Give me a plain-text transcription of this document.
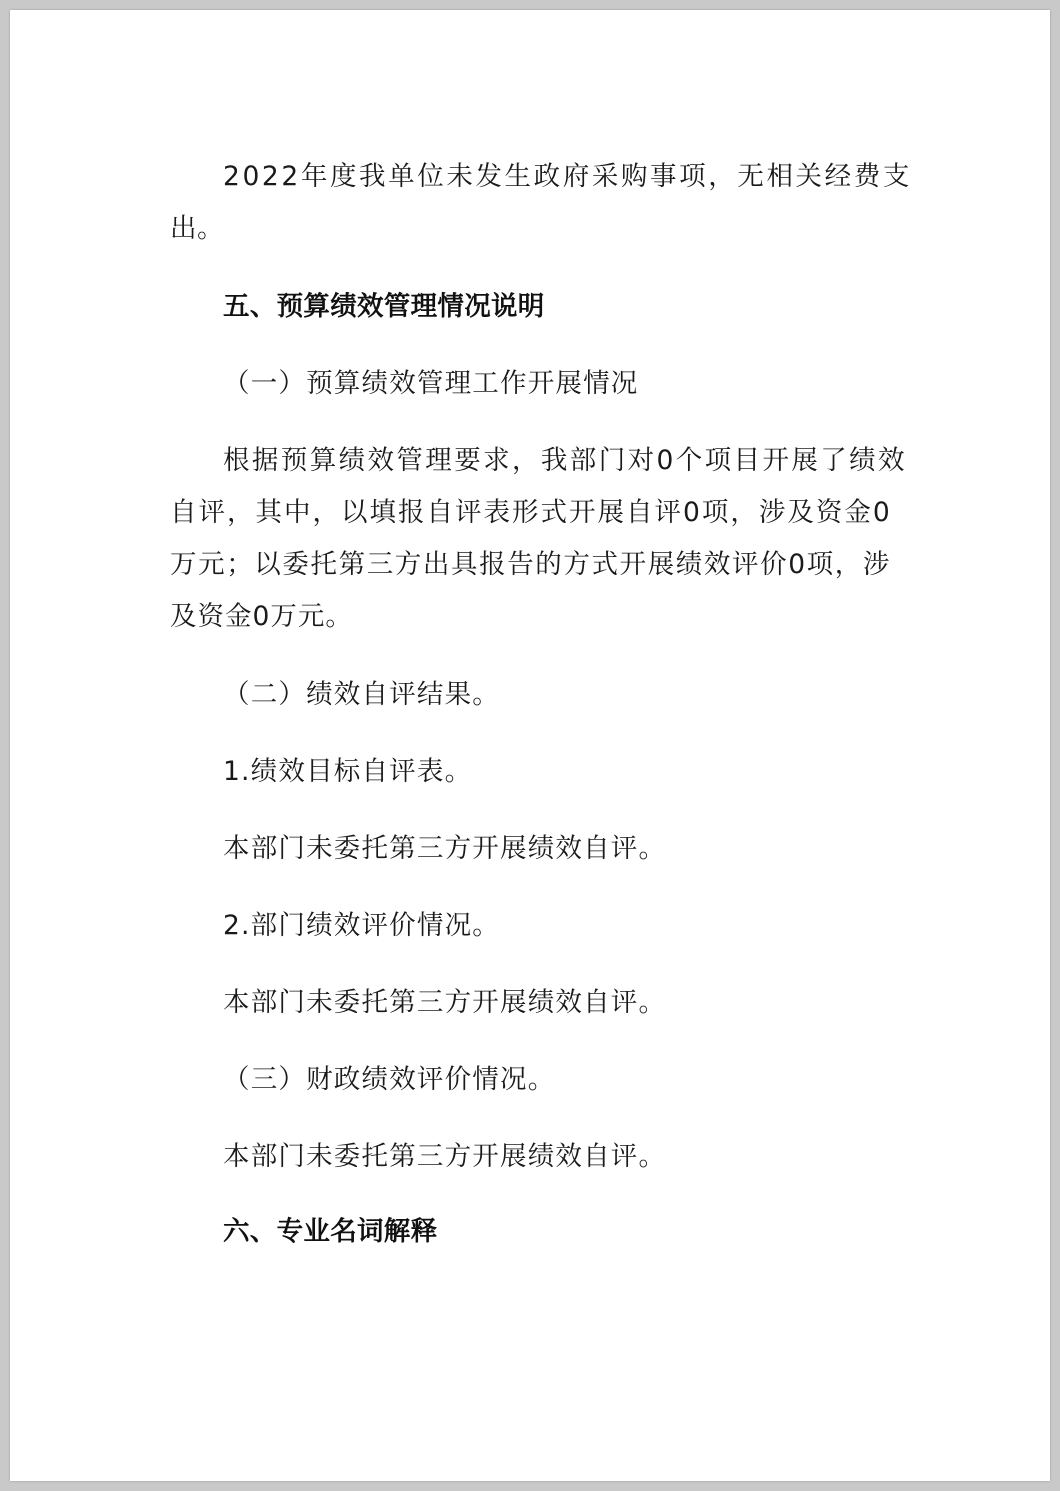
2022年度我单位未发生政府采购事项，无相关经费支
出。
五、预算绩效管理情况说明
（一）预算绩效管理工作开展情况
根据预算绩效管理要求，我部门对0个项目开展了绩效
自评，其中，以填报自评表形式开展自评0项，涉及资金0
万元；以委托第三方出具报告的方式开展绩效评价0项，涉
及资金0万元。
（二）绩效自评结果。
1.绩效目标自评表。
本部门未委托第三方开展绩效自评。
2.部门绩效评价情况。
本部门未委托第三方开展绩效自评。
（三）财政绩效评价情况。
本部门未委托第三方开展绩效自评。
六、专业名词解释
